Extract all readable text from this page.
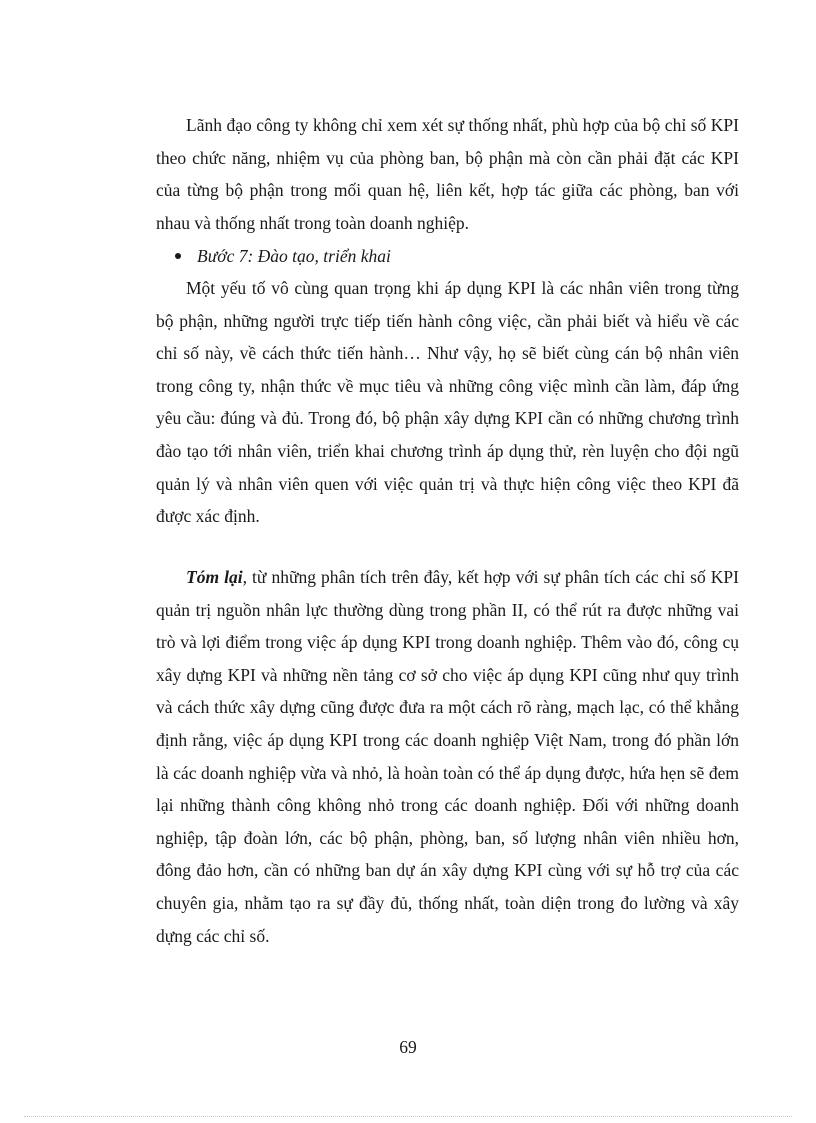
Lãnh đạo công ty không chỉ xem xét sự thống nhất, phù hợp của bộ chỉ số KPI theo chức năng, nhiệm vụ của phòng ban, bộ phận mà còn cần phải đặt các KPI của từng bộ phận trong mối quan hệ, liên kết, hợp tác giữa các phòng, ban với nhau và thống nhất trong toàn doanh nghiệp.

Bước 7: Đào tạo, triển khai

Một yếu tố vô cùng quan trọng khi áp dụng KPI là các nhân viên trong từng bộ phận, những người trực tiếp tiến hành công việc, cần phải biết và hiểu về các chỉ số này, về cách thức tiến hành… Như vậy, họ sẽ biết cùng cán bộ nhân viên trong công ty, nhận thức về mục tiêu và những công việc mình cần làm, đáp ứng yêu cầu: đúng và đủ. Trong đó, bộ phận xây dựng KPI cần có những chương trình đào tạo tới nhân viên, triển khai chương trình áp dụng thử, rèn luyện cho đội ngũ quản lý và nhân viên quen với việc quản trị và thực hiện công việc theo KPI đã được xác định.

Tóm lại, từ những phân tích trên đây, kết hợp với sự phân tích các chỉ số KPI quản trị nguồn nhân lực thường dùng trong phần II, có thể rút ra được những vai trò và lợi điểm trong việc áp dụng KPI trong doanh nghiệp. Thêm vào đó, công cụ xây dựng KPI và những nền tảng cơ sở cho việc áp dụng KPI cũng như quy trình và cách thức xây dựng cũng được đưa ra một cách rõ ràng, mạch lạc, có thể khẳng định rằng, việc áp dụng KPI trong các doanh nghiệp Việt Nam, trong đó phần lớn là các doanh nghiệp vừa và nhỏ, là hoàn toàn có thể áp dụng được, hứa hẹn sẽ đem lại những thành công không nhỏ trong các doanh nghiệp. Đối với những doanh nghiệp, tập đoàn lớn, các bộ phận, phòng, ban, số lượng nhân viên nhiều hơn, đông đảo hơn, cần có những ban dự án xây dựng KPI cùng với sự hỗ trợ của các chuyên gia, nhằm tạo ra sự đầy đủ, thống nhất, toàn diện trong đo lường và xây dựng các chỉ số.

69
